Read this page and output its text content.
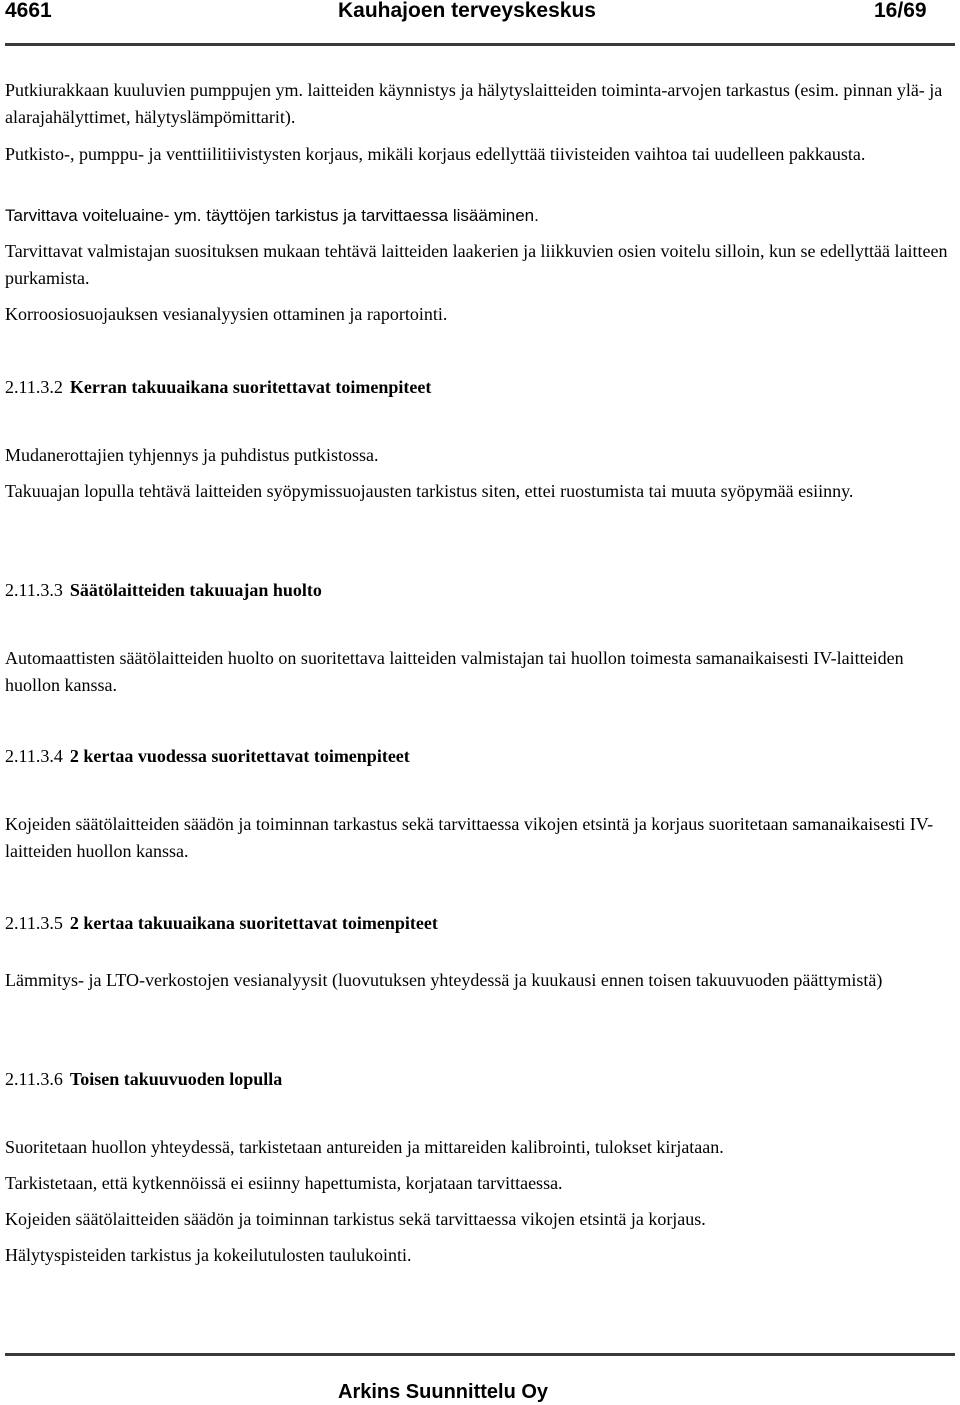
4661	Kauhajoen terveyskeskus	16/69

Putkiurakkaan kuuluvien pumppujen ym. laitteiden käynnistys ja hälytyslaitteiden toiminta-arvojen tarkastus (esim. pinnan ylä- ja alarajahälyttimet, hälytyslämpömittarit).

Putkisto-, pumppu- ja venttiilitiivistysten korjaus, mikäli korjaus edellyttää tiivisteiden vaihtoa tai uudelleen pakkausta.

Tarvittava voiteluaine- ym. täyttöjen tarkistus ja tarvittaessa lisääminen.

Tarvittavat valmistajan suosituksen mukaan tehtävä laitteiden laakerien ja liikkuvien osien voitelu silloin, kun se edellyttää laitteen purkamista.

Korroosiosuojauksen vesianalyysien ottaminen ja raportointi.

2.11.3.2 Kerran takuuaikana suoritettavat toimenpiteet

Mudanerottajien tyhjennys ja puhdistus putkistossa.

Takuuajan lopulla tehtävä laitteiden syöpymissuojausten tarkistus siten, ettei ruostumista tai muuta syöpymää esiinny.

2.11.3.3 Säätölaitteiden takuuajan huolto

Automaattisten säätölaitteiden huolto on suoritettava laitteiden valmistajan tai huollon toimesta samanaikaisesti IV-laitteiden huollon kanssa.

2.11.3.4 2 kertaa vuodessa suoritettavat toimenpiteet

Kojeiden säätölaitteiden säädön ja toiminnan tarkastus sekä tarvittaessa vikojen etsintä ja korjaus suoritetaan samanaikaisesti IV-laitteiden huollon kanssa.

2.11.3.5 2 kertaa takuuaikana suoritettavat toimenpiteet

Lämmitys- ja LTO-verkostojen vesianalyysit (luovutuksen yhteydessä ja kuukausi ennen toisen takuuvuoden päättymistä)

2.11.3.6 Toisen takuuvuoden lopulla

Suoritetaan huollon yhteydessä, tarkistetaan antureiden ja mittareiden kalibrointi, tulokset kirjataan.

Tarkistetaan, että kytkennöissä ei esiinny hapettumista, korjataan tarvittaessa.

Kojeiden säätölaitteiden säädön ja toiminnan tarkistus sekä tarvittaessa vikojen etsintä ja korjaus.

Hälytyspisteiden tarkistus ja kokeilutulosten taulukointi.

Arkins Suunnittelu Oy
